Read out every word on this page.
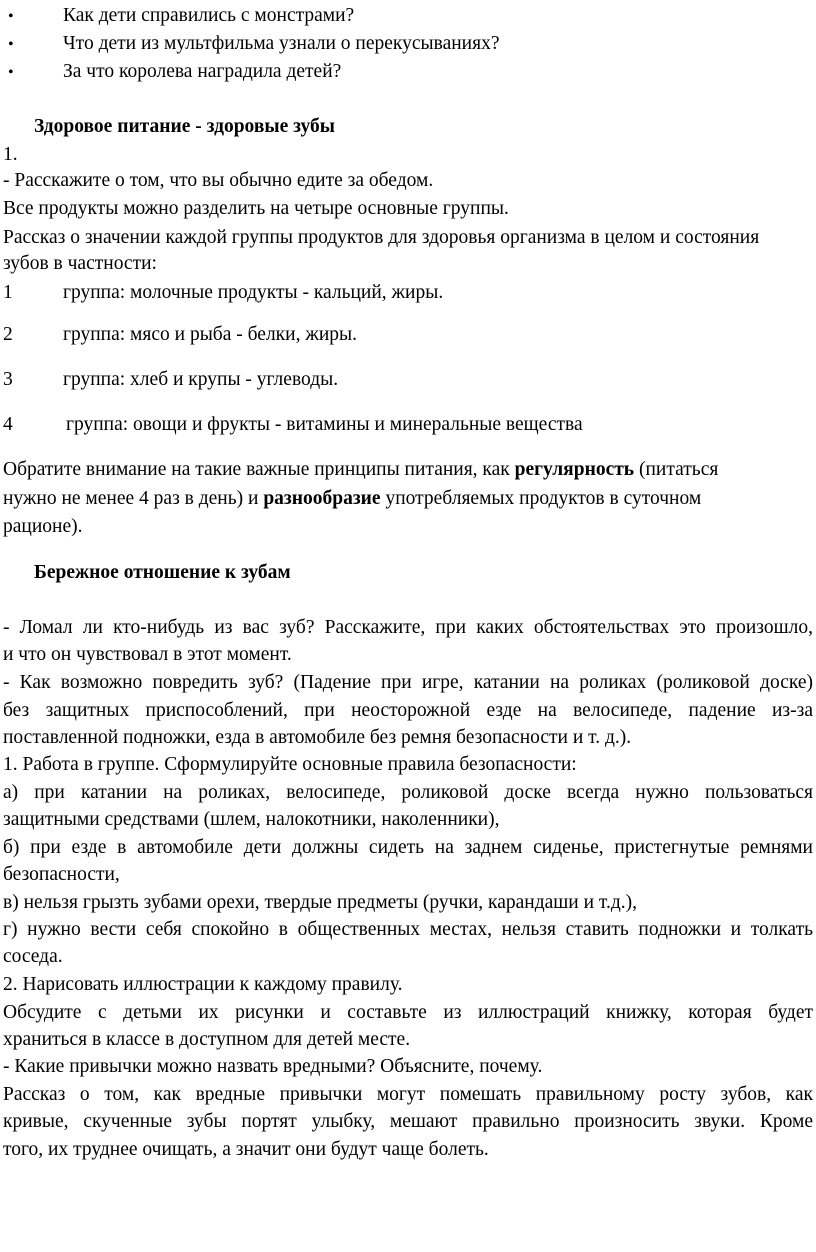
•	Как дети справились с монстрами?
•	Что дети из мультфильма узнали о перекусываниях?
•	За что королева наградила детей?
Здоровое питание - здоровые зубы
1.
- Расскажите о том, что вы обычно едите за обедом.
Все продукты можно разделить на четыре основные группы.
Рассказ о значении каждой группы продуктов для здоровья организма в целом и состояния
зубов в частности:
1	группа: молочные продукты - кальций, жиры.
2	группа: мясо и рыба - белки, жиры.
3	группа: хлеб и крупы - углеводы.
4	группа: овощи и фрукты - витамины и минеральные вещества
Обратите внимание на такие важные принципы питания, как регулярность (питаться
нужно не менее 4 раз в день) и разнообразие употребляемых продуктов в суточном
рационе).
Бережное отношение к зубам
- Ломал ли кто-нибудь из вас зуб? Расскажите, при каких обстоятельствах это произошло,
и что он чувствовал в этот момент.
- Как возможно повредить зуб? (Падение при игре, катании на роликах (роликовой доске)
без защитных приспособлений, при неосторожной езде на велосипеде, падение из-за
поставленной подножки, езда в автомобиле без ремня безопасности и т. д.).
1. Работа в группе. Сформулируйте основные правила безопасности:
а) при катании на роликах, велосипеде, роликовой доске всегда нужно пользоваться
защитными средствами (шлем, налокотники, наколенники),
б) при езде в автомобиле дети должны сидеть на заднем сиденье, пристегнутые ремнями
безопасности,
в) нельзя грызть зубами орехи, твердые предметы (ручки, карандаши и т.д.),
г) нужно вести себя спокойно в общественных местах, нельзя ставить подножки и толкать
соседа.
2. Нарисовать иллюстрации к каждому правилу.
Обсудите с детьми их рисунки и составьте из иллюстраций книжку, которая будет
храниться в классе в доступном для детей месте.
- Какие привычки можно назвать вредными? Объясните, почему.
Рассказ о том, как вредные привычки могут помешать правильному росту зубов, как
кривые, скученные зубы портят улыбку, мешают правильно произносить звуки. Кроме
того, их труднее очищать, а значит они будут чаще болеть.
